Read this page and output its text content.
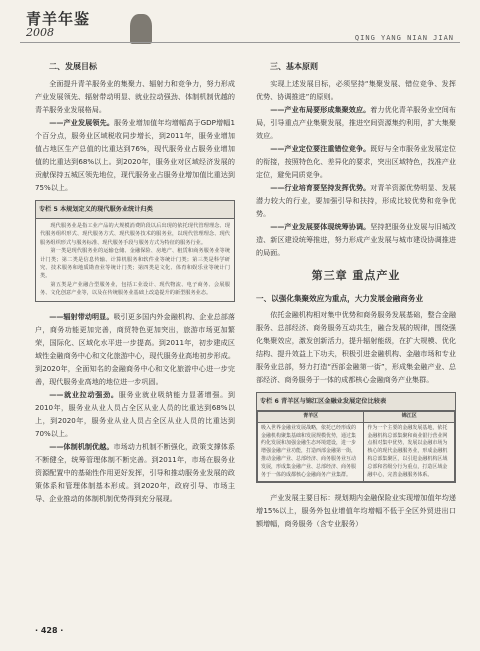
青羊年鉴
2008	QING YANG NIAN JIAN
二、发展目标

全面提升青羊服务业的集聚力、辐射力和竞争力，努力形成产业发展领先、辐射带动明显、就业拉动强劲、体制机制优越的青羊服务业发展格局。

——产业发展领先。服务业增加值年均增幅高于GDP增幅1个百分点，服务业区域税收同步增长，到2011年，服务业增加值占地区生产总值的比重达到76%，现代服务业占服务业增加值的比重达到68%以上。到2020年，服务业对区域经济发展的贡献保持五城区领先地位，现代服务业占服务业增加值比重达到75%以上。

专栏 5 本规划定义的现代服务业统计归类

现代服务业是指工业产品的大规模消费阶段以后出现的依托现代管理理念、现代服务组织形式、现代服务方式、现代服务技术的服务业，以现代管理理念、现代服务组织形式与服务标准、现代服务手段与服务方式为特征的服务行业。

第一类是现代服务业的运输仓储、金融保险、房地产、租赁和商务服务业等统计门类；第二类是信息传输、计算机服务和软件业等统计门类；第三类是科学研究、技术服务和地质勘查业等统计门类；第四类是文化、体育和娱乐业等统计门类。

第五类是产业融合型服务业，包括工业设计、现代物流、电子商务、会展服务、文化创意产业等，以及在传统服务业基础上改造提升的新型服务业态。

——辐射带动明显。吸引更多国内外金融机构、企业总部落户，商务功能更加完善，商贸特色更加突出，旅游市场更加繁荣，国际化、区域化水平进一步提高。到2011年，初步建成区域性金融商务中心和文化旅游中心，现代服务业高地初步形成。到2020年，全面知名的金融商务中心和文化旅游中心进一步完善，现代服务业高地的地位进一步巩固。

——就业拉动强劲。服务业就业吸纳能力显著增强。到2010年，服务业从业人员占全区从业人员的比重达到68%以上，到2020年，服务业从业人员占全区从业人员的比重达到70%以上。

——体制机制优越。市场动力机制不断强化，政策支撑体系不断健全，统筹管理体制不断完善。到2011年，市场在服务业资源配置中的基础性作用更好发挥，引导和推动服务业发展的政策体系和管理体制基本形成。到2020年，政府引导、市场主导、企业推动的体制机制优势得到充分展现。

三、基本原则

实现上述发展目标，必须坚持“集聚发展、错位竞争、发挥优势、协调推进”的原则。

——产业布局要形成集聚效应。着力优化青羊服务业空间布局，引导重点产业集聚发展，推进空间资源集约利用，扩大集聚效应。

——产业定位要注重错位竞争。既好与全市服务业发展定位的衔接，按照特色化、差异化的要求，突出区域特色，找准产业定位，避免同质竞争。

——行业培育要坚持发挥优势。对青羊资源优势明显、发展潜力较大的行业，要加强引导和扶持，形成比较优势和竞争优势。

——产业发展要体现统筹协调。坚持把服务业发展与旧城改造、新区建设统筹推进，努力形成产业发展与城市建设协调推进的局面。

第三章 重点产业
一、以强化集聚效应为重点，大力发展金融商务业

依托金融机构相对集中优势和商务服务发展基础，整合金融服务、总部经济、商务服务互动共生，融合发展的规律，围绕强化集聚效应，激发创新活力，提升辐射能级，在扩大规模、优化结构、提升效益上下功夫，积极引进金融机构、金融市场和专业服务业总部，努力打造“西部金融第一街”，形成集金融产业、总部经济、商务服务于一体的成都核心金融商务产业集群。

专栏 6 青羊区与锦江区金融业发展定位比较表
青羊区	锦江区
吸入世界金融业发展战略，依托已经形成的金融机构聚集基础和发展规模优势，通过集约化发展和加强金融生态环境建设，进一步增强金融产业功能，打造西部金融第一街，推动金融产业、总部经济、商务服务业互动发展，形成集金融产业、总部经济、商务服务于一体的成都核心金融商务产业集群。	作为一个主要的金融发展基地，依托金融机构总部集聚和商业银行营业网点相对集中优势，发展以金融市场为核心的现代金融服务业，形成金融机构总部集聚区，以引进金融机构区域总部和省级分行为重点，打造区域金融中心，完善金融服务体系。

产业发展主要目标：规划期内金融保险业实现增加值年均递增15%以上，服务外包业增值年均增幅不低于全区外贸进出口额增幅，商务服务（含专业服务）

· 428 ·
